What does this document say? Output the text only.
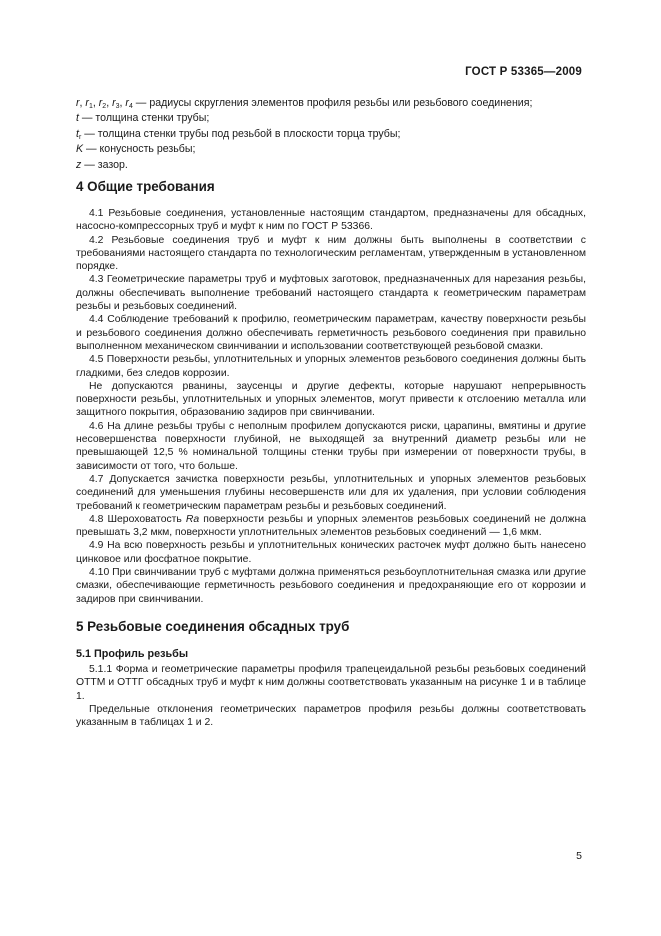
ГОСТ Р 53365—2009
r, $r_1$, $r_2$, $r_3$, $r_4$ — радиусы скругления элементов профиля резьбы или резьбового соединения;
t — толщина стенки трубы;
$t_r$ — толщина стенки трубы под резьбой в плоскости торца трубы;
K — конусность резьбы;
z — зазор.
4 Общие требования

4.1 Резьбовые соединения, установленные настоящим стандартом, предназначены для обсадных, насосно-компрессорных труб и муфт к ним по ГОСТ Р 53366.

4.2 Резьбовые соединения труб и муфт к ним должны быть выполнены в соответствии с требованиями настоящего стандарта по технологическим регламентам, утвержденным в установленном порядке.

4.3 Геометрические параметры труб и муфтовых заготовок, предназначенных для нарезания резьбы, должны обеспечивать выполнение требований настоящего стандарта к геометрическим параметрам резьбы и резьбовых соединений.

4.4 Соблюдение требований к профилю, геометрическим параметрам, качеству поверхности резьбы и резьбового соединения должно обеспечивать герметичность резьбового соединения при правильно выполненном механическом свинчивании и использовании соответствующей резьбовой смазки.

4.5 Поверхности резьбы, уплотнительных и упорных элементов резьбового соединения должны быть гладкими, без следов коррозии.

Не допускаются рванины, заусенцы и другие дефекты, которые нарушают непрерывность поверхности резьбы, уплотнительных и упорных элементов, могут привести к отслоению металла или защитного покрытия, образованию задиров при свинчивании.

4.6 На длине резьбы трубы с неполным профилем допускаются риски, царапины, вмятины и другие несовершенства поверхности глубиной, не выходящей за внутренний диаметр резьбы или не превышающей 12,5 % номинальной толщины стенки трубы при измерении от поверхности трубы, в зависимости от того, что больше.

4.7 Допускается зачистка поверхности резьбы, уплотнительных и упорных элементов резьбовых соединений для уменьшения глубины несовершенств или для их удаления, при условии соблюдения требований к геометрическим параметрам резьбы и резьбовых соединений.

4.8 Шероховатость Ra поверхности резьбы и упорных элементов резьбовых соединений не должна превышать 3,2 мкм, поверхности уплотнительных элементов резьбовых соединений — 1,6 мкм.

4.9 На всю поверхность резьбы и уплотнительных конических расточек муфт должно быть нанесено цинковое или фосфатное покрытие.

4.10 При свинчивании труб с муфтами должна применяться резьбоуплотнительная смазка или другие смазки, обеспечивающие герметичность резьбового соединения и предохраняющие его от коррозии и задиров при свинчивании.

5 Резьбовые соединения обсадных труб
5.1 Профиль резьбы

5.1.1 Форма и геометрические параметры профиля трапецеидальной резьбы резьбовых соединений ОТТМ и ОТТГ обсадных труб и муфт к ним должны соответствовать указанным на рисунке 1 и в таблице 1.

Предельные отклонения геометрических параметров профиля резьбы должны соответствовать указанным в таблицах 1 и 2.

5
